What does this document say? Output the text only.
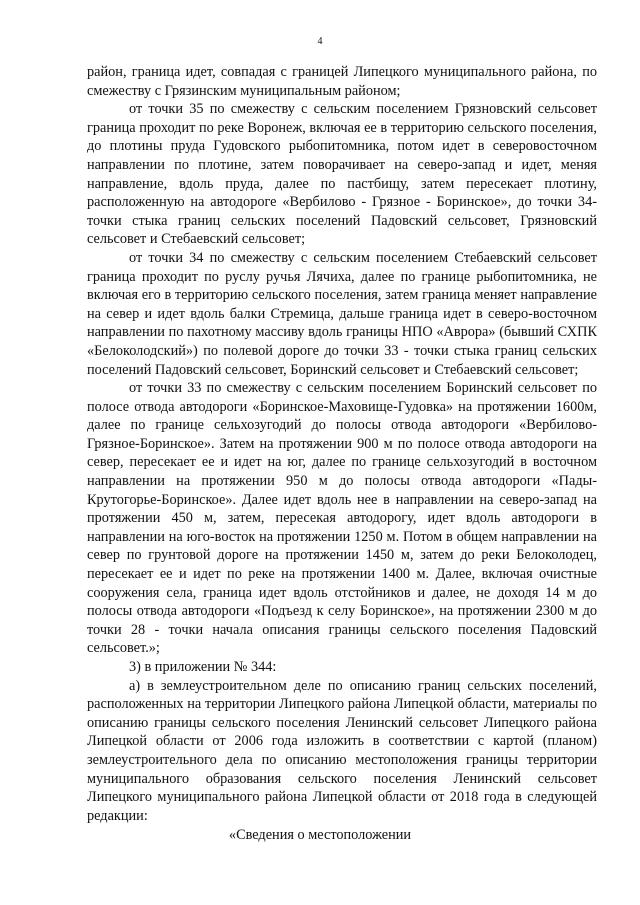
4

район, граница идет, совпадая с границей Липецкого муниципального района, по смежеству с Грязинским муниципальным районом;

от точки 35 по смежеству с сельским поселением Грязновский сельсовет граница проходит по реке Воронеж, включая ее в территорию сельского поселения, до плотины пруда Гудовского рыбопитомника, потом идет в северовосточном направлении по плотине, затем поворачивает на северо-запад и идет, меняя направление, вдоль пруда, далее по пастбищу, затем пересекает плотину, расположенную на автодороге «Вербилово - Грязное - Боринское», до точки 34-точки стыка границ сельских поселений Падовский сельсовет, Грязновский сельсовет и Стебаевский сельсовет;

от точки 34 по смежеству с сельским поселением Стебаевский сельсовет граница проходит по руслу ручья Лячиха, далее по границе рыбопитомника, не включая его в территорию сельского поселения, затем граница меняет направление на север и идет вдоль балки Стремица, дальше граница идет в северо-восточном направлении по пахотному массиву вдоль границы НПО «Аврора» (бывший СХПК «Белоколодский») по полевой дороге до точки 33 - точки стыка границ сельских поселений Падовский сельсовет, Боринский сельсовет и Стебаевский сельсовет;

от точки 33 по смежеству с сельским поселением Боринский сельсовет по полосе отвода автодороги «Боринское-Маховище-Гудовка» на протяжении 1600м, далее по границе сельхозугодий до полосы отвода автодороги «Вербилово-Грязное-Боринское». Затем на протяжении 900 м по полосе отвода автодороги на север, пересекает ее и идет на юг, далее по границе сельхозугодий в восточном направлении на протяжении 950 м до полосы отвода автодороги «Пады-Крутогорье-Боринское». Далее идет вдоль нее в направлении на северо-запад на протяжении 450 м, затем, пересекая автодорогу, идет вдоль автодороги в направлении на юго-восток на протяжении 1250 м. Потом в общем направлении на север по грунтовой дороге на протяжении 1450 м, затем до реки Белоколодец, пересекает ее и идет по реке на протяжении 1400 м. Далее, включая очистные сооружения села, граница идет вдоль отстойников и далее, не доходя 14 м до полосы отвода автодороги «Подъезд к селу Боринское», на протяжении 2300 м до точки 28 - точки начала описания границы сельского поселения Падовский сельсовет.»;

3) в приложении № 344:

а) в землеустроительном деле по описанию границ сельских поселений, расположенных на территории Липецкого района Липецкой области, материалы по описанию границы сельского поселения Ленинский сельсовет Липецкого района Липецкой области от 2006 года изложить в соответствии с картой (планом) землеустроительного дела по описанию местоположения границы территории муниципального образования сельского поселения Ленинский сельсовет Липецкого муниципального района Липецкой области от 2018 года в следующей редакции:

«Сведения о местоположении
